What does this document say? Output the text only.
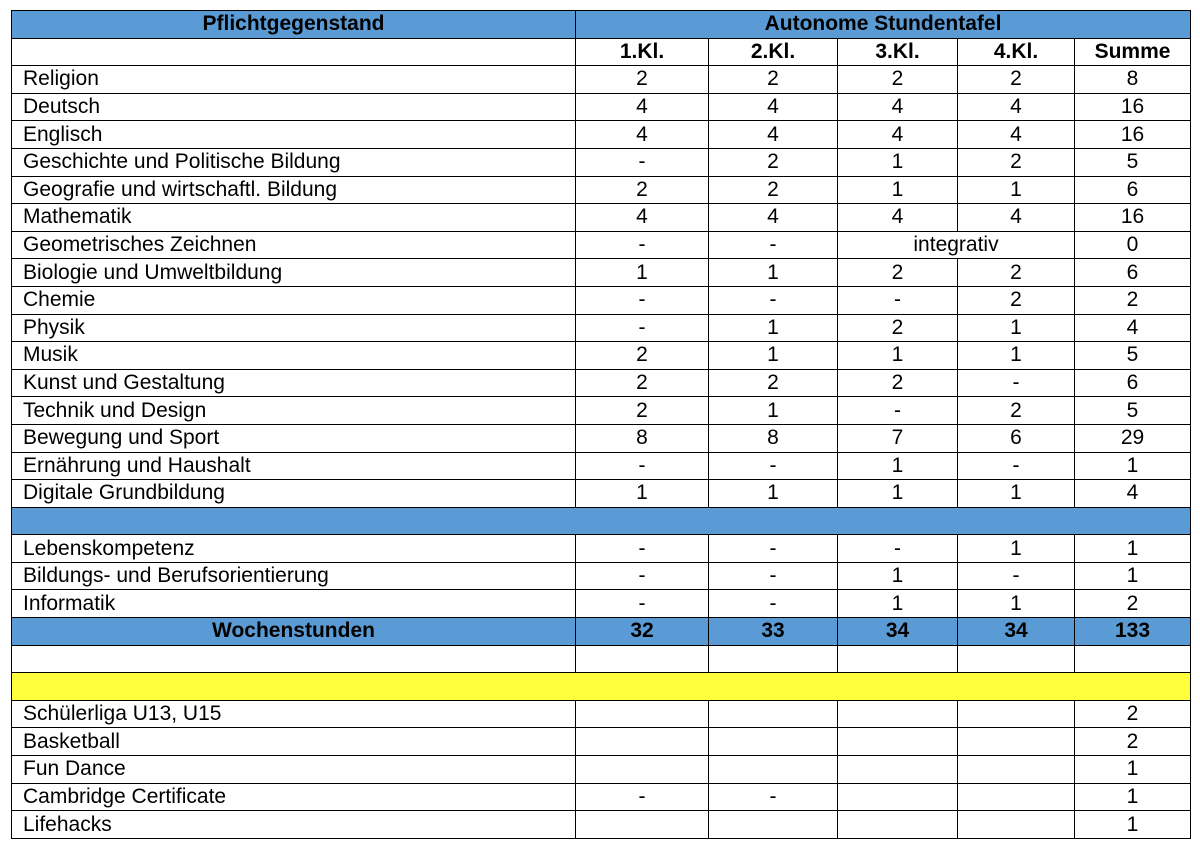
Pflichtgegenstand	Autonome Stundentafel				
	1.Kl.	2.Kl.	3.Kl.	4.Kl.	Summe
Religion	2	2	2	2	8
Deutsch	4	4	4	4	16
Englisch	4	4	4	4	16
Geschichte und Politische Bildung	-	2	1	2	5
Geografie und wirtschaftl. Bildung	2	2	1	1	6
Mathematik	4	4	4	4	16
Geometrisches Zeichnen	-	-	integrativ		0
Biologie und Umweltbildung	1	1	2	2	6
Chemie	-	-	-	2	2
Physik	-	1	2	1	4
Musik	2	1	1	1	5
Kunst und Gestaltung	2	2	2	-	6
Technik und Design	2	1	-	2	5
Bewegung und Sport	8	8	7	6	29
Ernährung und Haushalt	-	-	1	-	1
Digitale Grundbildung	1	1	1	1	4

Lebenskompetenz	-	-	-	1	1
Bildungs- und Berufsorientierung	-	-	1	-	1
Informatik	-	-	1	1	2
Wochenstunden	32	33	34	34	133

Schülerliga U13, U15					2
Basketball					2
Fun Dance					1
Cambridge Certificate	-	-			1
Lifehacks					1
